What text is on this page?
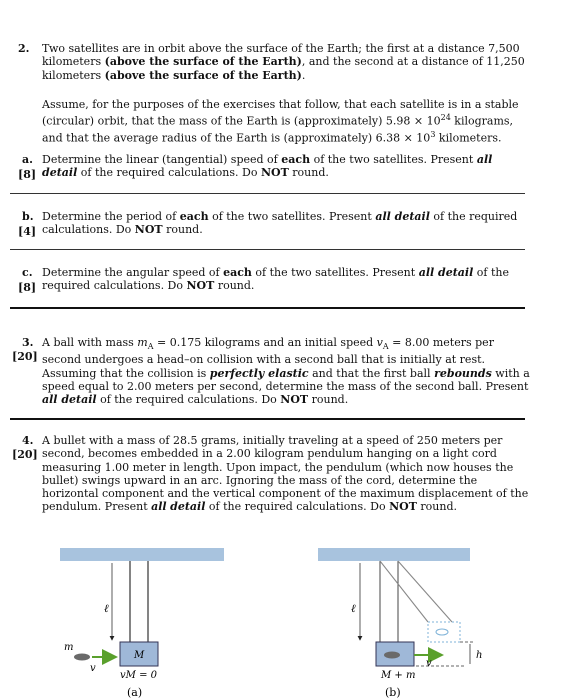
2. Two satellites are in orbit above the surface of the Earth; the first at a distance 7,500 kilometers (above the surface of the Earth), and the second at a distance of 11,250 kilometers (above the surface of the Earth).
Assume, for the purposes of the exercises that follow, that each satellite is in a stable (circular) orbit, that the mass of the Earth is (approximately) $5.98 \times 10^{24}$ kilograms, and that the average radius of the Earth is (approximately) $6.38 \times 10^3$ kilometers.
a.
[8]
Determine the linear (tangential) speed of each of the two satellites. Present all detail of the required calculations. Do NOT round.
b.
[4]
Determine the period of each of the two satellites. Present all detail of the required calculations. Do NOT round.
c.
[8]
Determine the angular speed of each of the two satellites. Present all detail of the required calculations. Do NOT round.
3.
[20]
A ball with mass $m_A = 0.175$ kilograms and an initial speed $v_A = 8.00$ meters per second undergoes a head–on collision with a second ball that is initially at rest. Assuming that the collision is perfectly elastic and that the first ball rebounds with a speed equal to 2.00 meters per second, determine the mass of the second ball. Present all detail of the required calculations. Do NOT round.
4.
[20]
A bullet with a mass of 28.5 grams, initially traveling at a speed of 250 meters per second, becomes embedded in a 2.00 kilogram pendulum hanging on a light cord measuring 1.00 meter in length. Upon impact, the pendulum (which now houses the bullet) swings upward in an arc. Ignoring the mass of the cord, determine the horizontal component and the vertical component of the maximum displacement of the pendulum. Present all detail of the required calculations. Do NOT round.
ℓ
M
m
v
vM = 0
(a)
ℓ
v
h
M + m
(b)
